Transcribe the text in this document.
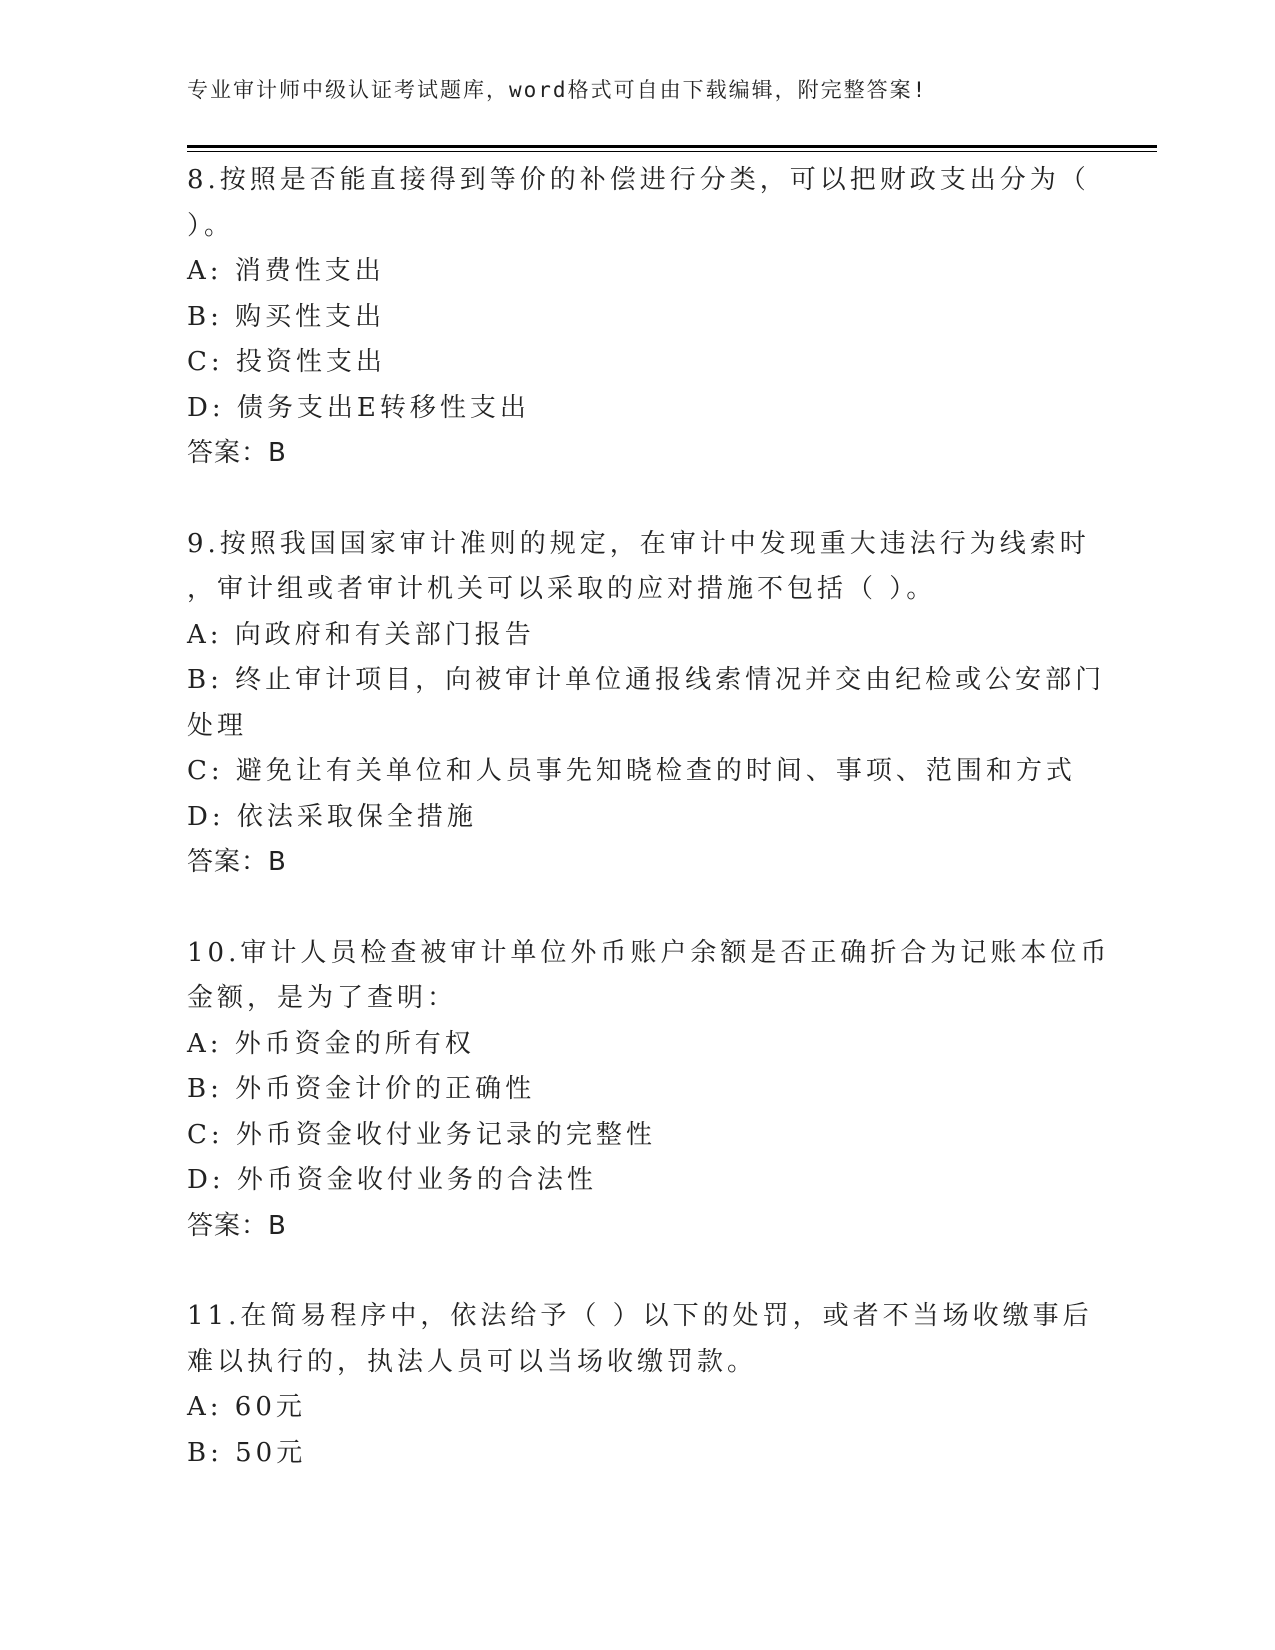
专业审计师中级认证考试题库，word格式可自由下载编辑，附完整答案!
8.按照是否能直接得到等价的补偿进行分类，可以把财政支出分为（
）。
A: 消费性支出
B: 购买性支出
C: 投资性支出
D: 债务支出E转移性支出
答案：B
9.按照我国国家审计准则的规定，在审计中发现重大违法行为线索时
，审计组或者审计机关可以采取的应对措施不包括（ ）。
A: 向政府和有关部门报告
B: 终止审计项目，向被审计单位通报线索情况并交由纪检或公安部门
处理
C: 避免让有关单位和人员事先知晓检查的时间、事项、范围和方式
D: 依法采取保全措施
答案：B
10.审计人员检查被审计单位外币账户余额是否正确折合为记账本位币
金额，是为了查明：
A: 外币资金的所有权
B: 外币资金计价的正确性
C: 外币资金收付业务记录的完整性
D: 外币资金收付业务的合法性
答案：B
11.在简易程序中，依法给予（ ）以下的处罚，或者不当场收缴事后
难以执行的，执法人员可以当场收缴罚款。
A: 60元
B: 50元
